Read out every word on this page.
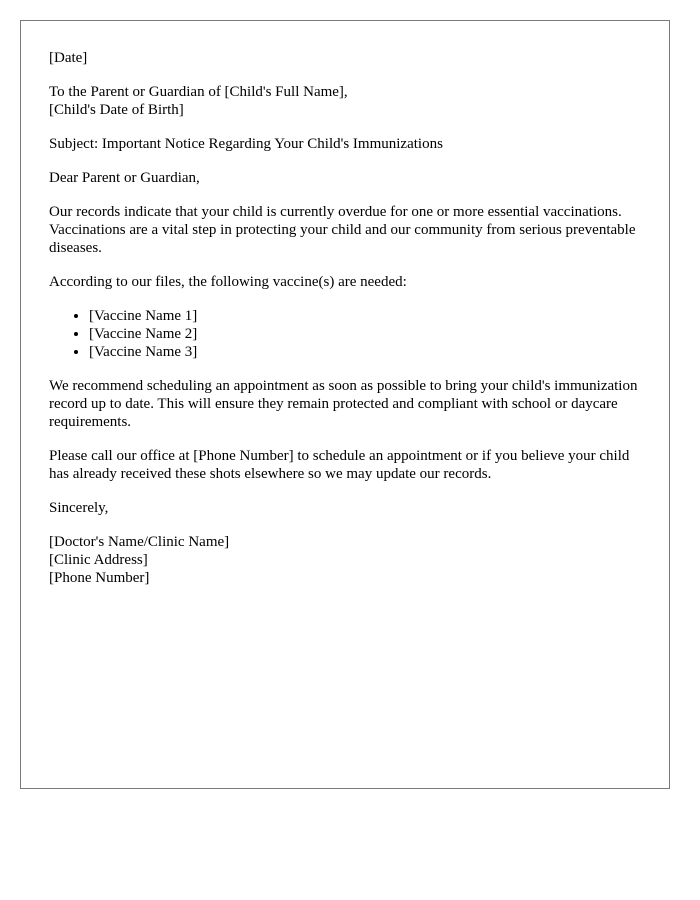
[Date]

To the Parent or Guardian of [Child's Full Name],
[Child's Date of Birth]

Subject: Important Notice Regarding Your Child's Immunizations

Dear Parent or Guardian,

Our records indicate that your child is currently overdue for one or more essential vaccinations. Vaccinations are a vital step in protecting your child and our community from serious preventable diseases.

According to our files, the following vaccine(s) are needed:

• [Vaccine Name 1]
• [Vaccine Name 2]
• [Vaccine Name 3]

We recommend scheduling an appointment as soon as possible to bring your child's immunization record up to date. This will ensure they remain protected and compliant with school or daycare requirements.

Please call our office at [Phone Number] to schedule an appointment or if you believe your child has already received these shots elsewhere so we may update our records.

Sincerely,

[Doctor's Name/Clinic Name]
[Clinic Address]
[Phone Number]
